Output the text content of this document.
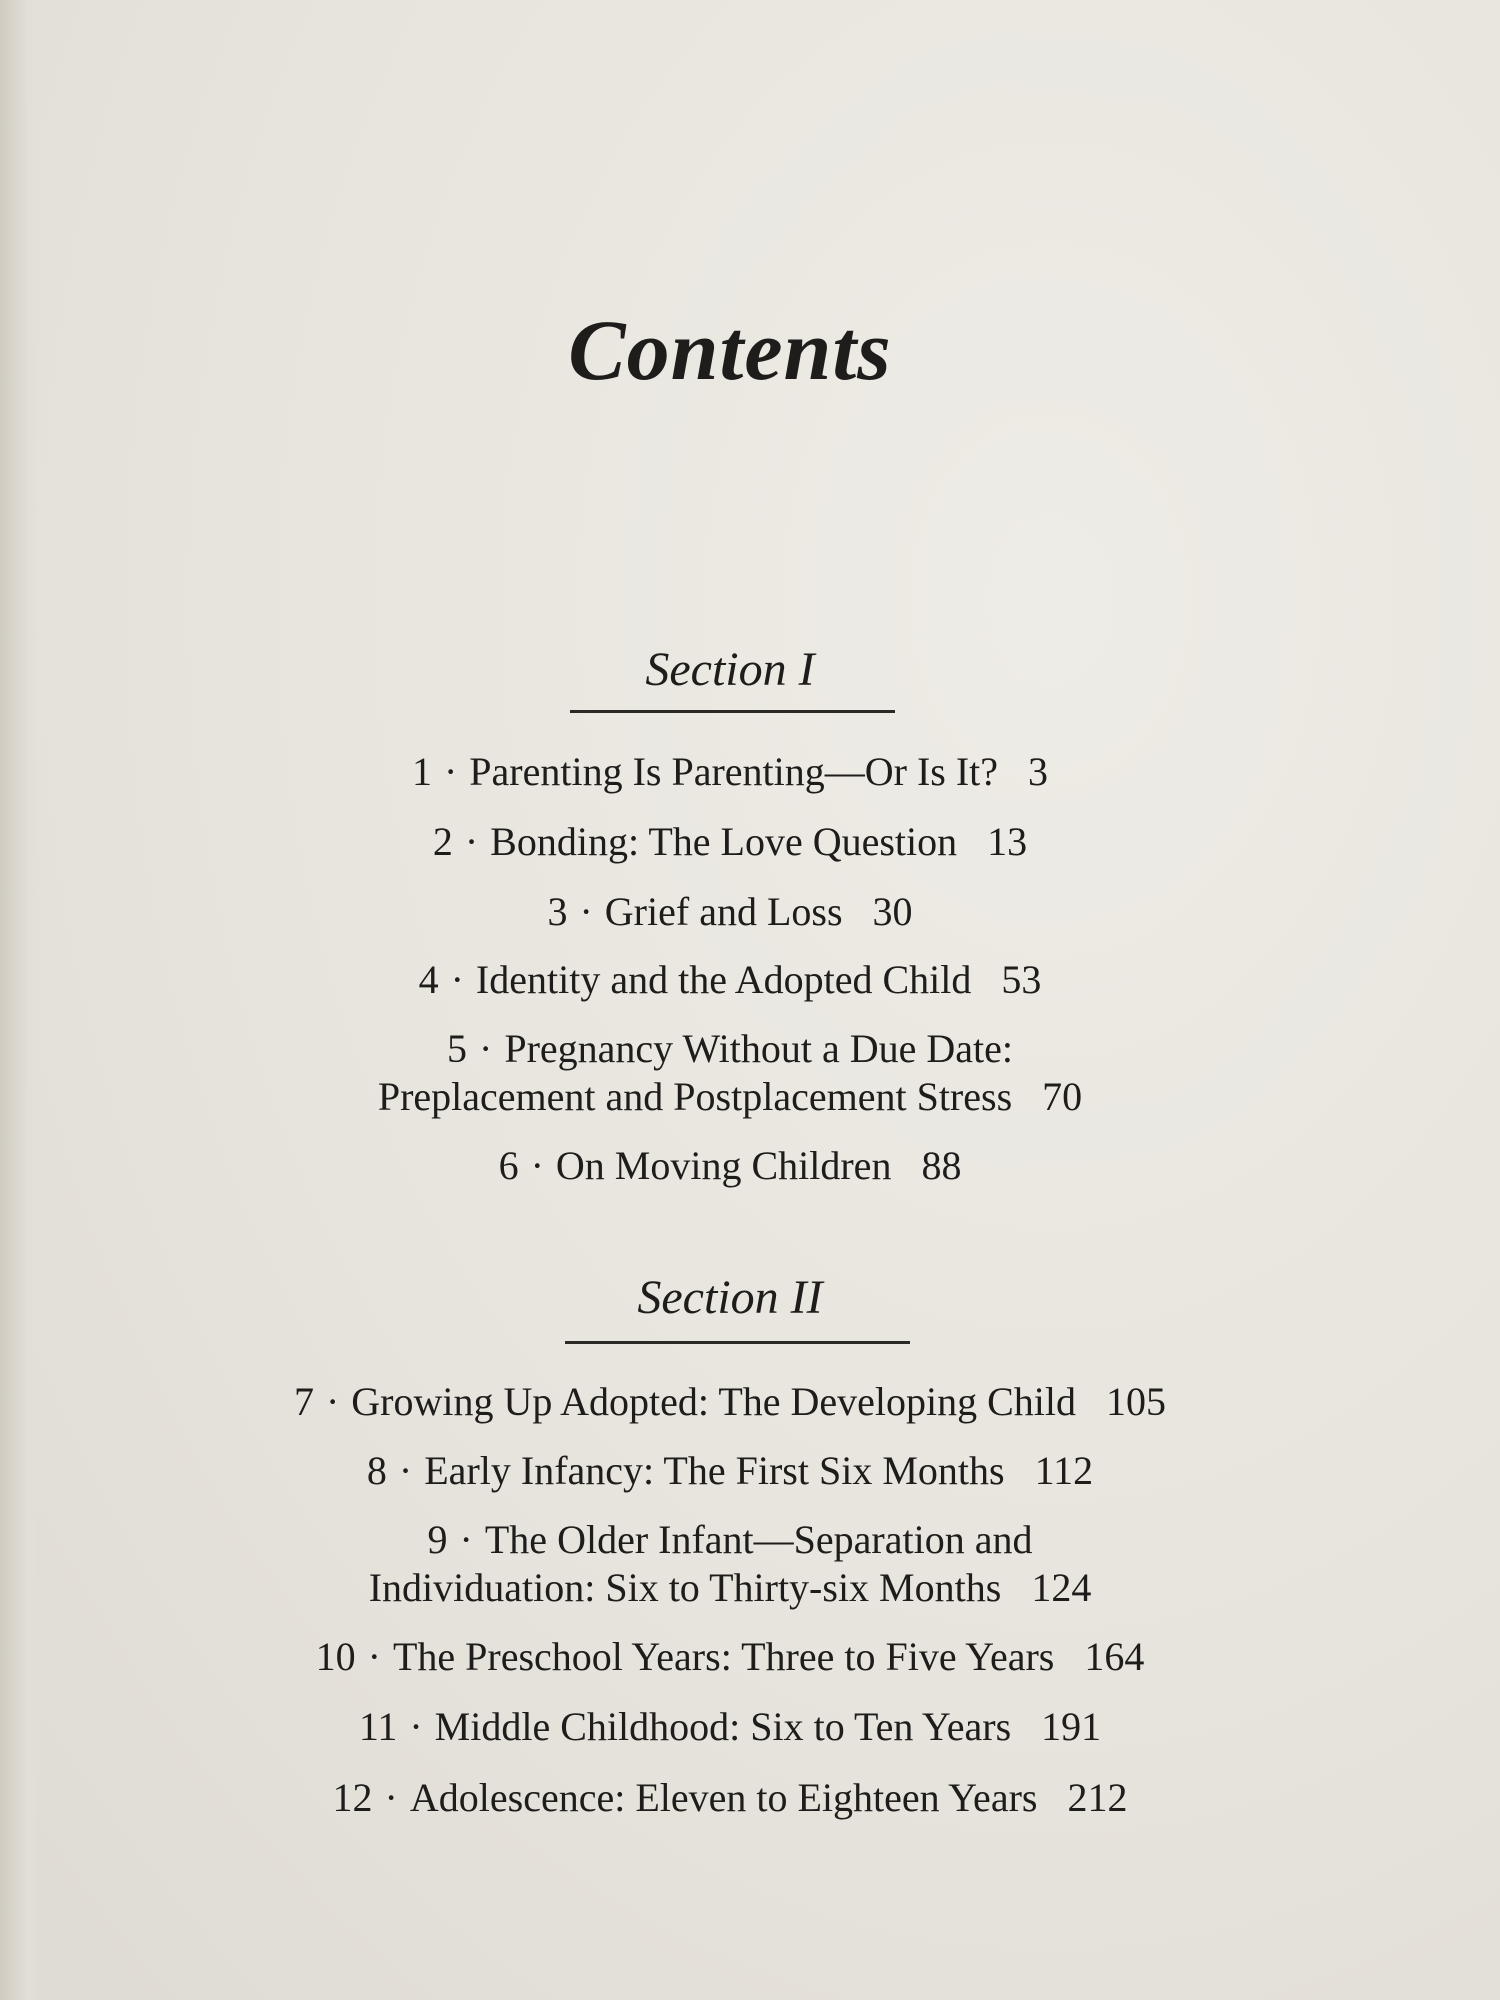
Contents
Section I
1 · Parenting Is Parenting—Or Is It? 3
2 · Bonding: The Love Question 13
3 · Grief and Loss 30
4 · Identity and the Adopted Child 53
5 · Pregnancy Without a Due Date:
Preplacement and Postplacement Stress 70
6 · On Moving Children 88
Section II
7 · Growing Up Adopted: The Developing Child 105
8 · Early Infancy: The First Six Months 112
9 · The Older Infant—Separation and
Individuation: Six to Thirty-six Months 124
10 · The Preschool Years: Three to Five Years 164
11 · Middle Childhood: Six to Ten Years 191
12 · Adolescence: Eleven to Eighteen Years 212
